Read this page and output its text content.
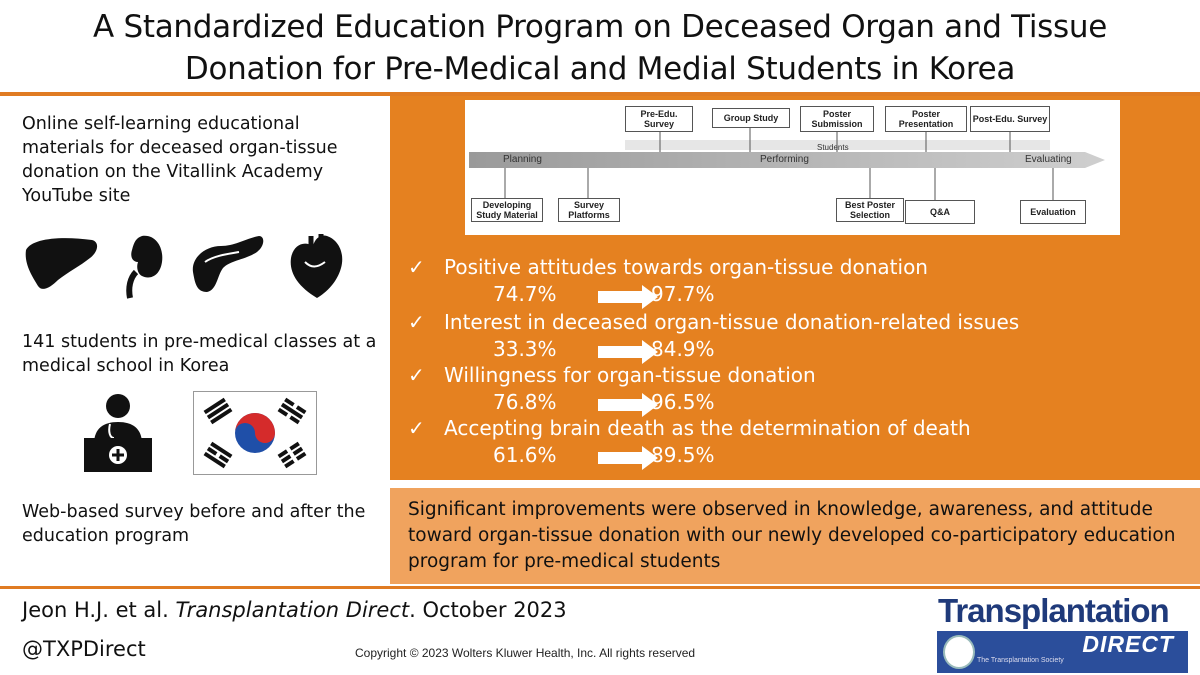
A Standardized Education Program on Deceased Organ and Tissue
Donation for Pre-Medical and Medial Students in Korea
Online self-learning educational materials for deceased organ-tissue donation on the Vitallink Academy YouTube site
141 students in pre-medical classes at a medical school in Korea
Web-based survey before and after the education program
Pre-Edu. Survey
Group Study	Poster Submission
Poster Presentation	Post-Edu. Survey
Planning	Performing	Evaluating
Students
Developing Study Material
Survey Platforms
Best Poster Selection	Q&A	Evaluation
✓ Positive attitudes towards organ-tissue donation
74.7%	97.7%
✓ Interest in deceased organ-tissue donation-related issues
33.3%	84.9%
✓ Willingness for organ-tissue donation
76.8%	96.5%
✓ Accepting brain death as the determination of death
61.6%	89.5%

Significant improvements were observed in knowledge, awareness, and attitude toward organ-tissue donation with our newly developed co-participatory education program for pre-medical students

Jeon H.J. et al. Transplantation Direct. October 2023
@TXPDirect	Copyright © 2023 Wolters Kluwer Health, Inc. All rights reserved
Transplantation
DIRECT
The Transplantation Society
